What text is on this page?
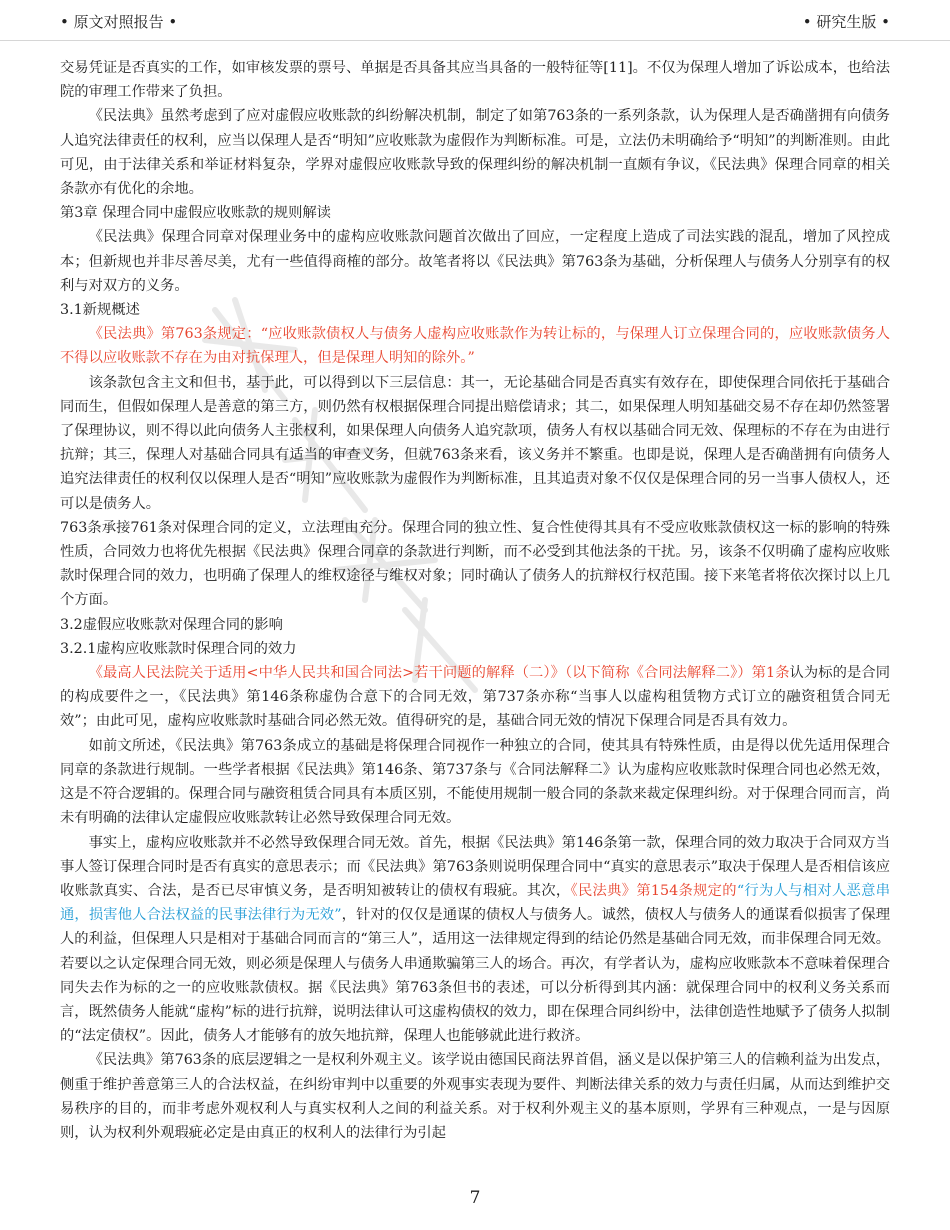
• 原文对照报告 •	• 研究生版 •

交易凭证是否真实的工作，如审核发票的票号、单据是否具备其应当具备的一般特征等[11]。不仅为保理人增加了诉讼成本，也给法院的审理工作带来了负担。

《民法典》虽然考虑到了应对虚假应收账款的纠纷解决机制，制定了如第763条的一系列条款，认为保理人是否确凿拥有向债务人追究法律责任的权利，应当以保理人是否“明知”应收账款为虚假作为判断标准。可是，立法仍未明确给予“明知”的判断准则。由此可见，由于法律关系和举证材料复杂，学界对虚假应收账款导致的保理纠纷的解决机制一直颇有争议，《民法典》保理合同章的相关条款亦有优化的余地。

第3章 保理合同中虚假应收账款的规则解读

《民法典》保理合同章对保理业务中的虚构应收账款问题首次做出了回应，一定程度上造成了司法实践的混乱，增加了风控成本；但新规也并非尽善尽美，尤有一些值得商榷的部分。故笔者将以《民法典》第763条为基础，分析保理人与债务人分别享有的权利与对双方的义务。

3.1新规概述

《民法典》第763条规定：“应收账款债权人与债务人虚构应收账款作为转让标的，与保理人订立保理合同的，应收账款债务人不得以应收账款不存在为由对抗保理人，但是保理人明知的除外。”

该条款包含主文和但书，基于此，可以得到以下三层信息：其一，无论基础合同是否真实有效存在，即使保理合同依托于基础合同而生，但假如保理人是善意的第三方，则仍然有权根据保理合同提出赔偿请求；其二，如果保理人明知基础交易不存在却仍然签署了保理协议，则不得以此向债务人主张权利，如果保理人向债务人追究款项，债务人有权以基础合同无效、保理标的不存在为由进行抗辩；其三，保理人对基础合同具有适当的审查义务，但就763条来看，该义务并不繁重。也即是说，保理人是否确凿拥有向债务人追究法律责任的权利仅以保理人是否“明知”应收账款为虚假作为判断标准，且其追责对象不仅仅是保理合同的另一当事人债权人，还可以是债务人。

763条承接761条对保理合同的定义，立法理由充分。保理合同的独立性、复合性使得其具有不受应收账款债权这一标的影响的特殊性质，合同效力也将优先根据《民法典》保理合同章的条款进行判断，而不必受到其他法条的干扰。另，该条不仅明确了虚构应收账款时保理合同的效力，也明确了保理人的维权途径与维权对象；同时确认了债务人的抗辩权行权范围。接下来笔者将依次探讨以上几个方面。

3.2虚假应收账款对保理合同的影响

3.2.1虚构应收账款时保理合同的效力

《最高人民法院关于适用<中华人民共和国合同法>若干问题的解释（二）》（以下简称《合同法解释二》）第1条认为标的是合同的构成要件之一，《民法典》第146条称虚伪合意下的合同无效，第737条亦称“当事人以虚构租赁物方式订立的融资租赁合同无效”；由此可见，虚构应收账款时基础合同必然无效。值得研究的是，基础合同无效的情况下保理合同是否具有效力。

如前文所述，《民法典》第763条成立的基础是将保理合同视作一种独立的合同，使其具有特殊性质，由是得以优先适用保理合同章的条款进行规制。一些学者根据《民法典》第146条、第737条与《合同法解释二》认为虚构应收账款时保理合同也必然无效，这是不符合逻辑的。保理合同与融资租赁合同具有本质区别，不能使用规制一般合同的条款来裁定保理纠纷。对于保理合同而言，尚未有明确的法律认定虚假应收账款转让必然导致保理合同无效。

事实上，虚构应收账款并不必然导致保理合同无效。首先，根据《民法典》第146条第一款，保理合同的效力取决于合同双方当事人签订保理合同时是否有真实的意思表示；而《民法典》第763条则说明保理合同中“真实的意思表示”取决于保理人是否相信该应收账款真实、合法，是否已尽审慎义务，是否明知被转让的债权有瑕疵。其次，《民法典》第154条规定的“行为人与相对人恶意串通，损害他人合法权益的民事法律行为无效”，针对的仅仅是通谋的债权人与债务人。诚然，债权人与债务人的通谋看似损害了保理人的利益，但保理人只是相对于基础合同而言的“第三人”，适用这一法律规定得到的结论仍然是基础合同无效，而非保理合同无效。若要以之认定保理合同无效，则必须是保理人与债务人串通欺骗第三人的场合。再次，有学者认为，虚构应收账款本不意味着保理合同失去作为标的之一的应收账款债权。据《民法典》第763条但书的表述，可以分析得到其内涵：就保理合同中的权利义务关系而言，既然债务人能就“虚构”标的进行抗辩，说明法律认可这虚构债权的效力，即在保理合同纠纷中，法律创造性地赋予了债务人拟制的“法定债权”。因此，债务人才能够有的放矢地抗辩，保理人也能够就此进行救济。

《民法典》第763条的底层逻辑之一是权利外观主义。该学说由德国民商法界首倡，涵义是以保护第三人的信赖利益为出发点，侧重于维护善意第三人的合法权益，在纠纷审判中以重要的外观事实表现为要件、判断法律关系的效力与责任归属，从而达到维护交易秩序的目的，而非考虑外观权利人与真实权利人之间的利益关系。对于权利外观主义的基本原则，学界有三种观点，一是与因原则，认为权利外观瑕疵必定是由真正的权利人的法律行为引起

7
